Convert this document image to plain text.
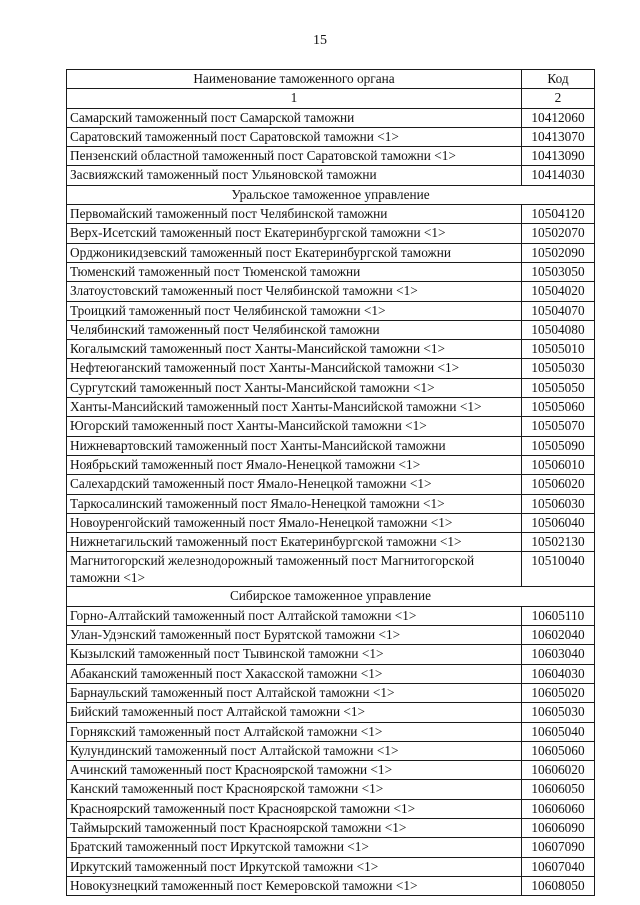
15
Наименование таможенного органа	Код
1	2
Самарский таможенный пост Самарской таможни	10412060
Саратовский таможенный пост Саратовской таможни <1>	10413070
Пензенский областной таможенный пост Саратовской таможни <1>	10413090
Засвияжский таможенный пост Ульяновской таможни	10414030
Уральское таможенное управление	
Первомайский таможенный пост Челябинской таможни	10504120
Верх-Исетский таможенный пост Екатеринбургской таможни <1>	10502070
Орджоникидзевский таможенный пост Екатеринбургской таможни	10502090
Тюменский таможенный пост Тюменской таможни	10503050
Златоустовский таможенный пост Челябинской таможни <1>	10504020
Троицкий таможенный пост Челябинской таможни <1>	10504070
Челябинский таможенный пост Челябинской таможни	10504080
Когалымский таможенный пост Ханты-Мансийской таможни <1>	10505010
Нефтеюганский таможенный пост Ханты-Мансийской таможни <1>	10505030
Сургутский таможенный пост Ханты-Мансийской таможни <1>	10505050
Ханты-Мансийский таможенный пост Ханты-Мансийской таможни <1>	10505060
Югорский таможенный пост Ханты-Мансийской таможни <1>	10505070
Нижневартовский таможенный пост Ханты-Мансийской таможни	10505090
Ноябрьский таможенный пост Ямало-Ненецкой таможни <1>	10506010
Салехардский таможенный пост Ямало-Ненецкой таможни <1>	10506020
Таркосалинский таможенный пост Ямало-Ненецкой таможни <1>	10506030
Новоуренгойский таможенный пост Ямало-Ненецкой таможни <1>	10506040
Нижнетагильский таможенный пост Екатеринбургской таможни <1>	10502130
Магнитогорский железнодорожный таможенный пост Магнитогорской таможни <1>	10510040
Сибирское таможенное управление	
Горно-Алтайский таможенный пост Алтайской таможни <1>	10605110
Улан-Удэнский таможенный пост Бурятской таможни <1>	10602040
Кызылский таможенный пост Тывинской таможни <1>	10603040
Абаканский таможенный пост Хакасской таможни <1>	10604030
Барнаульский таможенный пост Алтайской таможни <1>	10605020
Бийский таможенный пост Алтайской таможни <1>	10605030
Горнякский таможенный пост Алтайской таможни <1>	10605040
Кулундинский таможенный пост Алтайской таможни <1>	10605060
Ачинский таможенный пост Красноярской таможни <1>	10606020
Канский таможенный пост Красноярской таможни <1>	10606050
Красноярский таможенный пост Красноярской таможни <1>	10606060
Таймырский таможенный пост Красноярской таможни <1>	10606090
Братский таможенный пост Иркутской таможни <1>	10607090
Иркутский таможенный пост Иркутской таможни <1>	10607040
Новокузнецкий таможенный пост Кемеровской таможни <1>	10608050
